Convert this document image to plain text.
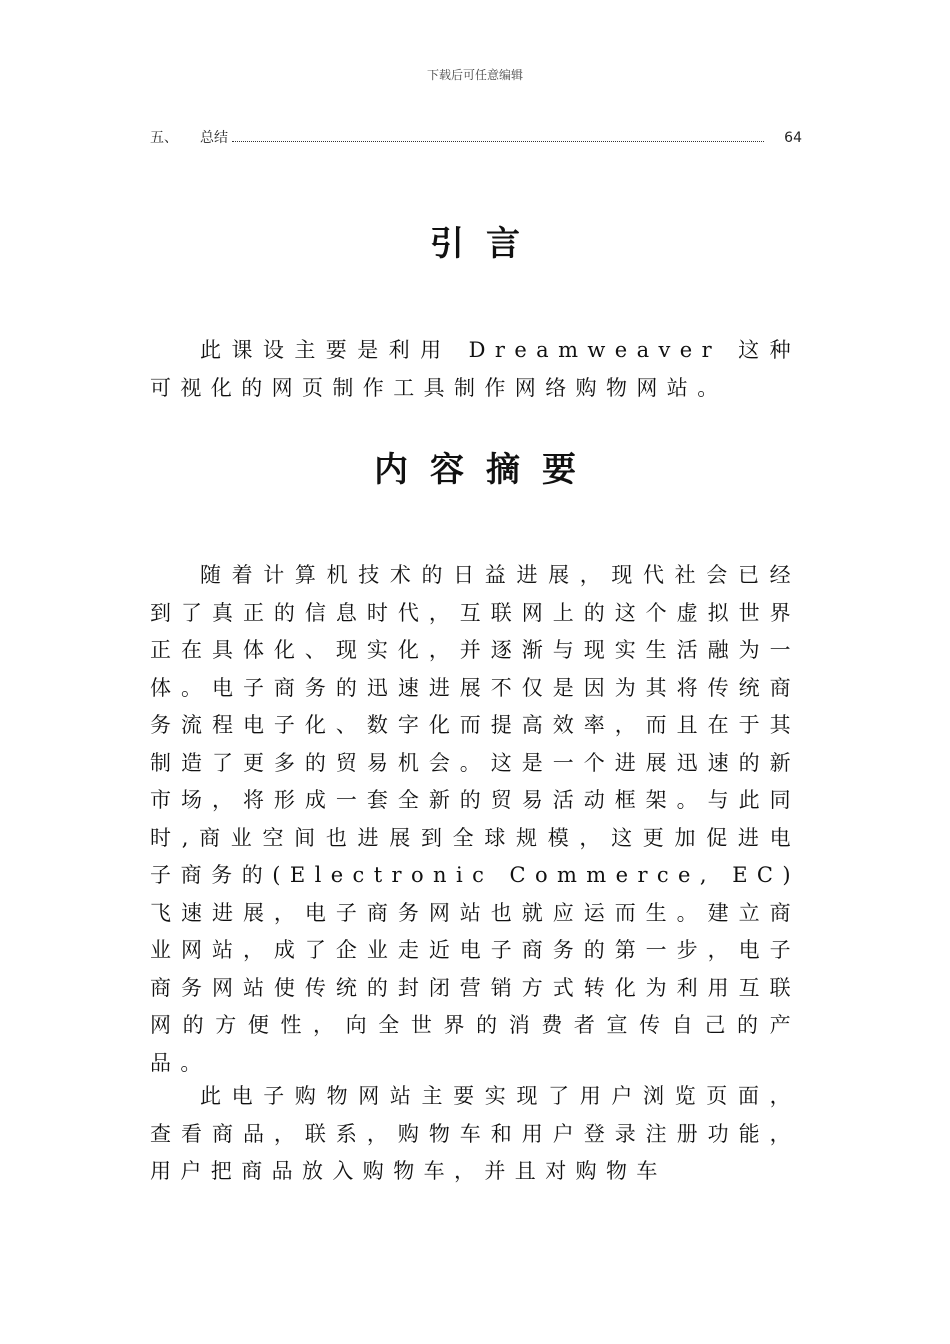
下载后可任意编辑
五、	总结	64
引言

此课设主要是利用 Dreamweaver 这种可视化的网页制作工具制作网络购物网站。

内容摘要

随着计算机技术的日益进展，现代社会已经到了真正的信息时代，互联网上的这个虚拟世界正在具体化、现实化，并逐渐与现实生活融为一体。电子商务的迅速进展不仅是因为其将传统商务流程电子化、数字化而提高效率，而且在于其制造了更多的贸易机会。这是一个进展迅速的新市场，将形成一套全新的贸易活动框架。与此同时,商业空间也进展到全球规模，这更加促进电子商务的(Electronic Commerce, EC)飞速进展，电子商务网站也就应运而生。建立商业网站，成了企业走近电子商务的第一步，电子商务网站使传统的封闭营销方式转化为利用互联网的方便性，向全世界的消费者宣传自己的产品。

此电子购物网站主要实现了用户浏览页面，查看商品，联系，购物车和用户登录注册功能，用户把商品放入购物车，并且对购物车
